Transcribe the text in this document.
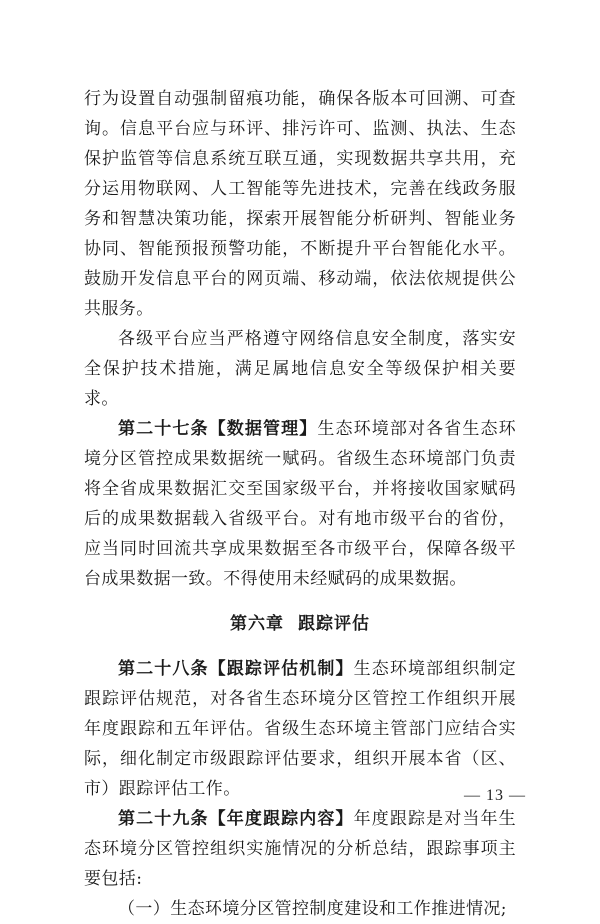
行为设置自动强制留痕功能，确保各版本可回溯、可查询。信息平台应与环评、排污许可、监测、执法、生态保护监管等信息系统互联互通，实现数据共享共用，充分运用物联网、人工智能等先进技术，完善在线政务服务和智慧决策功能，探索开展智能分析研判、智能业务协同、智能预报预警功能，不断提升平台智能化水平。鼓励开发信息平台的网页端、移动端，依法依规提供公共服务。

各级平台应当严格遵守网络信息安全制度，落实安全保护技术措施，满足属地信息安全等级保护相关要求。

第二十七条【数据管理】生态环境部对各省生态环境分区管控成果数据统一赋码。省级生态环境部门负责将全省成果数据汇交至国家级平台，并将接收国家赋码后的成果数据载入省级平台。对有地市级平台的省份，应当同时回流共享成果数据至各市级平台，保障各级平台成果数据一致。不得使用未经赋码的成果数据。

第六章 跟踪评估

第二十八条【跟踪评估机制】生态环境部组织制定跟踪评估规范，对各省生态环境分区管控工作组织开展年度跟踪和五年评估。省级生态环境主管部门应结合实际，细化制定市级跟踪评估要求，组织开展本省（区、市）跟踪评估工作。

第二十九条【年度跟踪内容】年度跟踪是对当年生态环境分区管控组织实施情况的分析总结，跟踪事项主要包括:

（一）生态环境分区管控制度建设和工作推进情况;

— 13 —
